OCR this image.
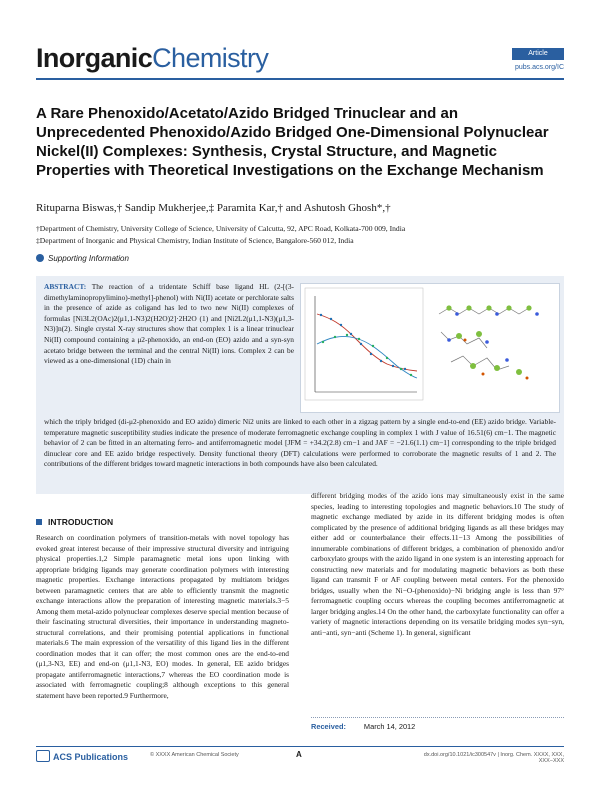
InorganicChemistry	Article
pubs.acs.org/IC
A Rare Phenoxido/Acetato/Azido Bridged Trinuclear and an Unprecedented Phenoxido/Azido Bridged One-Dimensional Polynuclear Nickel(II) Complexes: Synthesis, Crystal Structure, and Magnetic Properties with Theoretical Investigations on the Exchange Mechanism
Rituparna Biswas,† Sandip Mukherjee,‡ Paramita Kar,† and Ashutosh Ghosh*,†
†Department of Chemistry, University College of Science, University of Calcutta, 92, APC Road, Kolkata-700 009, India
‡Department of Inorganic and Physical Chemistry, Indian Institute of Science, Bangalore-560 012, India
Supporting Information
ABSTRACT: The reaction of a tridentate Schiff base ligand HL (2-[(3-dimethylaminopropylimino)-methyl]-phenol) with Ni(II) acetate or perchlorate salts in the presence of azide as coligand has led to two new Ni(II) complexes of formulas [Ni3L2(OAc)2(μ1,1-N3)2(H2O)2]·2H2O (1) and [Ni2L2(μ1,1-N3)(μ1,3-N3)]n(2). Single crystal X-ray structures show that complex 1 is a linear trinuclear Ni(II) compound containing a μ2-phenoxido, an end-on (EO) azido and a syn-syn acetato bridge between the terminal and the central Ni(II) ions. Complex 2 can be viewed as a one-dimensional (1D) chain in
which the triply bridged (di-μ2-phenoxido and EO azido) dimeric Ni2 units are linked to each other in a zigzag pattern by a single end-to-end (EE) azido bridge. Variable-temperature magnetic susceptibility studies indicate the presence of moderate ferromagnetic exchange coupling in complex 1 with J value of 16.51(6) cm−1. The magnetic behavior of 2 can be fitted in an alternating ferro- and antiferromagnetic model [JFM = +34.2(2.8) cm−1 and JAF = −21.6(1.1) cm−1] corresponding to the triple bridged dinuclear core and EE azido bridge respectively. Density functional theory (DFT) calculations were performed to corroborate the magnetic results of 1 and 2. The contributions of the different bridges toward magnetic interactions in both compounds have also been calculated.
INTRODUCTION
Research on coordination polymers of transition-metals with novel topology has evoked great interest because of their impressive structural diversity and intriguing physical properties.1,2 Simple paramagnetic metal ions upon linking with appropriate bridging ligands may generate coordination polymers with interesting magnetic properties. Exchange interactions propagated by multiatom bridges between paramagnetic centers that are able to efficiently transmit the magnetic exchange interactions allow the preparation of interesting magnetic materials.3−5 Among them metal-azido polynuclear complexes deserve special mention because of their fascinating structural diversities, their importance in understanding magneto-structural correlations, and their promising potential applications in functional materials.6 The main expression of the versatility of this ligand lies in the different coordination modes that it can offer; the most common ones are the end-to-end (μ1,3-N3, EE) and end-on (μ1,1-N3, EO) modes. In general, EE azido bridges propagate antiferromagnetic interactions,7 whereas the EO coordination mode is associated with ferromagnetic coupling;8 although exceptions to this general statement have been reported.9 Furthermore,
different bridging modes of the azido ions may simultaneously exist in the same species, leading to interesting topologies and magnetic behaviors.10 The study of magnetic exchange mediated by azide in its different bridging modes is often complicated by the presence of additional bridging ligands as all these bridges may either add or counterbalance their effects.11−13 Among the possibilities of innumerable combinations of different bridges, a combination of phenoxido and/or carboxylato groups with the azido ligand in one system is an interesting approach for constructing new materials and for modulating magnetic behaviors as both these ligand can transmit F or AF coupling between metal centers. For the phenoxido bridges, usually when the Ni−O-(phenoxido)−Ni bridging angle is less than 97° ferromagnetic coupling occurs whereas the coupling becomes antiferromagnetic at larger bridging angles.14 On the other hand, the carboxylate functionality can offer a variety of magnetic interactions depending on its versatile bridging modes syn−syn, anti−anti, syn−anti (Scheme 1). In general, significant
Received: March 14, 2012
ACS Publications	© XXXX American Chemical Society	A	dx.doi.org/10.1021/ic300547v | Inorg. Chem. XXXX, XXX, XXX−XXX
